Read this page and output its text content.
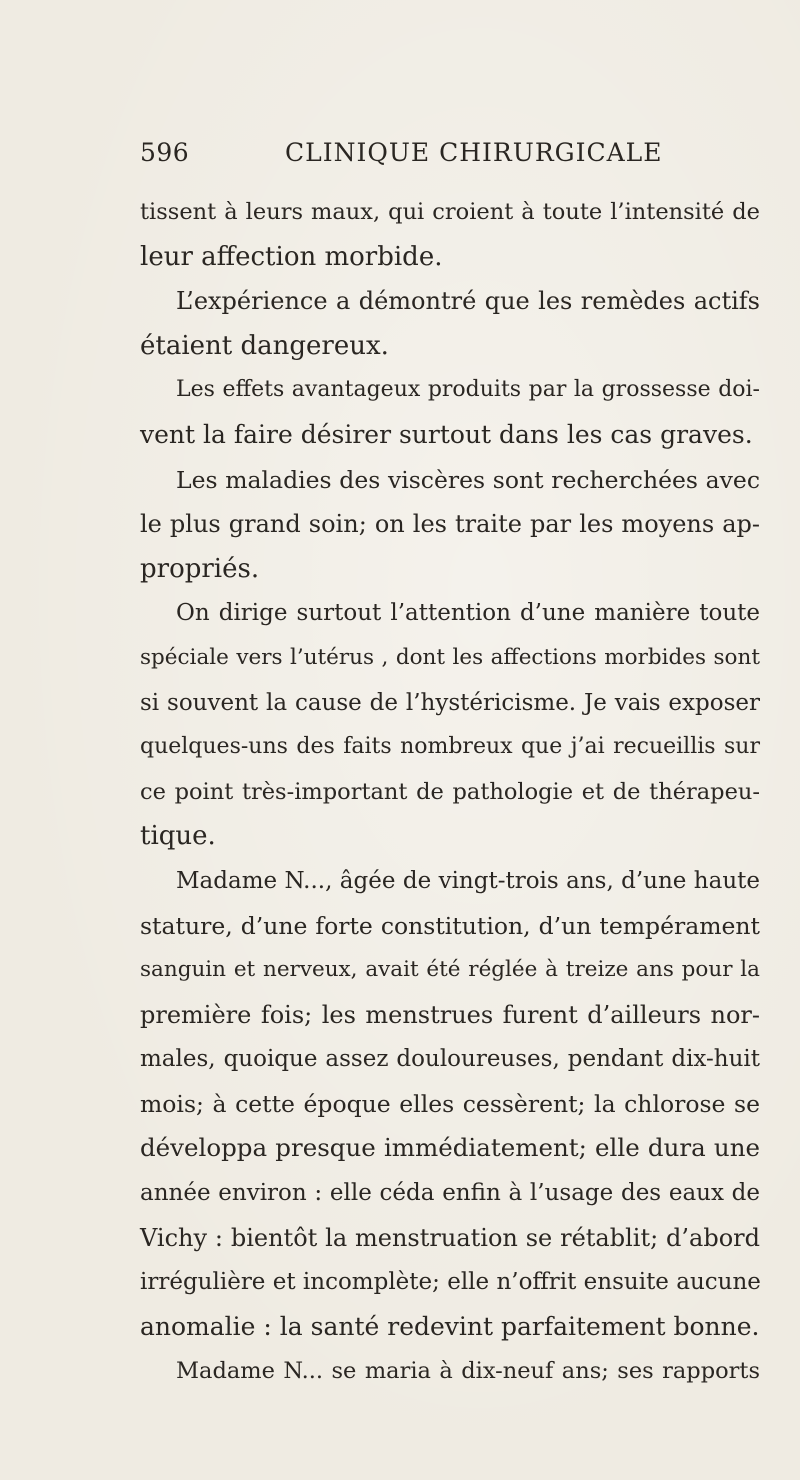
596	CLINIQUE CHIRURGICALE
tissent à leurs maux, qui croient à toute l’intensité de
leur affection morbide.
L’expérience a démontré que les remèdes actifs
étaient dangereux.
Les effets avantageux produits par la grossesse doi-
vent la faire désirer surtout dans les cas graves.
Les maladies des viscères sont recherchées avec
le plus grand soin; on les traite par les moyens ap-
propriés.
On dirige surtout l’attention d’une manière toute
spéciale vers l’utérus , dont les affections morbides sont
si souvent la cause de l’hystéricisme. Je vais exposer
quelques-uns des faits nombreux que j’ai recueillis sur
ce point très-important de pathologie et de thérapeu-
tique.
Madame N..., âgée de vingt-trois ans, d’une haute
stature, d’une forte constitution, d’un tempérament
sanguin et nerveux, avait été réglée à treize ans pour la
première fois; les menstrues furent d’ailleurs nor-
males, quoique assez douloureuses, pendant dix-huit
mois; à cette époque elles cessèrent; la chlorose se
développa presque immédiatement; elle dura une
année environ : elle céda enfin à l’usage des eaux de
Vichy : bientôt la menstruation se rétablit; d’abord
irrégulière et incomplète; elle n’offrit ensuite aucune
anomalie : la santé redevint parfaitement bonne.
Madame N... se maria à dix-neuf ans; ses rapports
